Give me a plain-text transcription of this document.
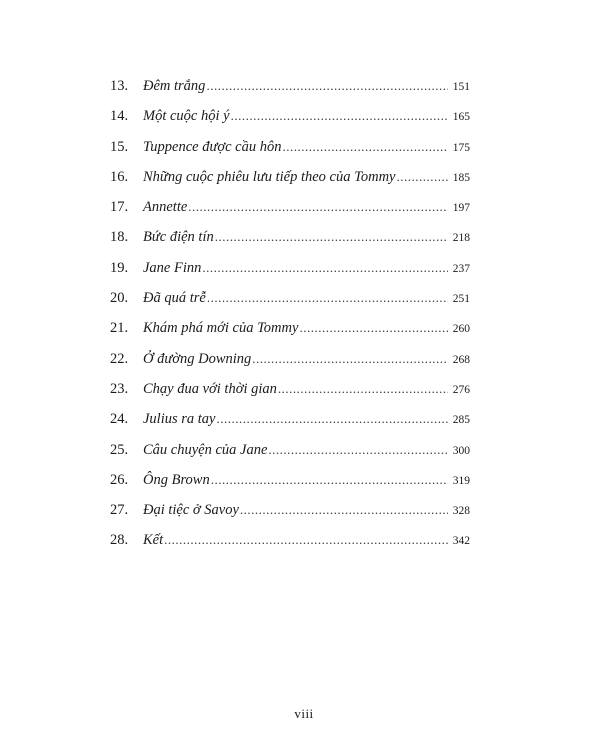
13.	Đêm trắng .....	151
14.	Một cuộc hội ý .....	165
15.	Tuppence được cầu hôn .....	175
16.	Những cuộc phiêu lưu tiếp theo của Tommy .....	185
17.	Annette .....	197
18.	Bức điện tín .....	218
19.	Jane Finn .....	237
20.	Đã quá trễ .....	251
21.	Khám phá mới của Tommy .....	260
22.	Ở đường Downing .....	268
23.	Chạy đua với thời gian .....	276
24.	Julius ra tay .....	285
25.	Câu chuyện của Jane .....	300
26.	Ông Brown .....	319
27.	Đại tiệc ở Savoy .....	328
28.	Kết .....	342
viii
